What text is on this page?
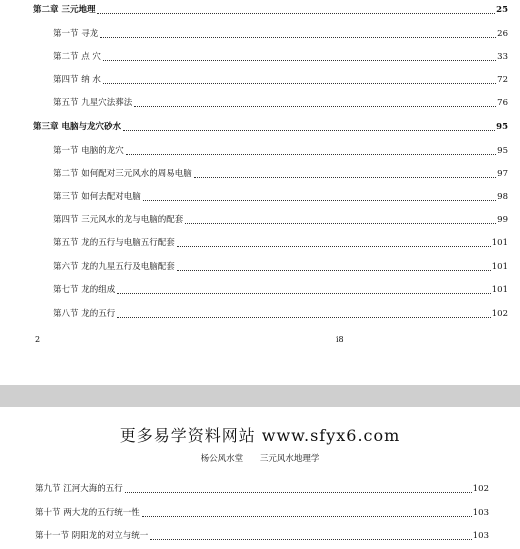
第二章 三元地理	25
第一节 寻龙	26
第二节 点 穴	33
第四节 纳 水	72
第五节 九星穴法葬法	76
第三章 电脑与龙穴砂水	95
第一节 电脑的龙穴	95
第二节 如何配对三元风水的周易电脑	97
第三节 如何去配对电脑	98
第四节 三元风水的龙与电脑的配套	99
第五节 龙的五行与电脑五行配套	101
第六节 龙的九星五行及电脑配套	101
第七节 龙的组成	101
第八节 龙的五行	102
2	i8
更多易学资料网站 www.sfyx6.com
杨公风水堂 三元风水地理学
第九节 江河大海的五行	102
第十节 两大龙的五行统一性	103
第十一节 阴阳龙的对立与统一	103
